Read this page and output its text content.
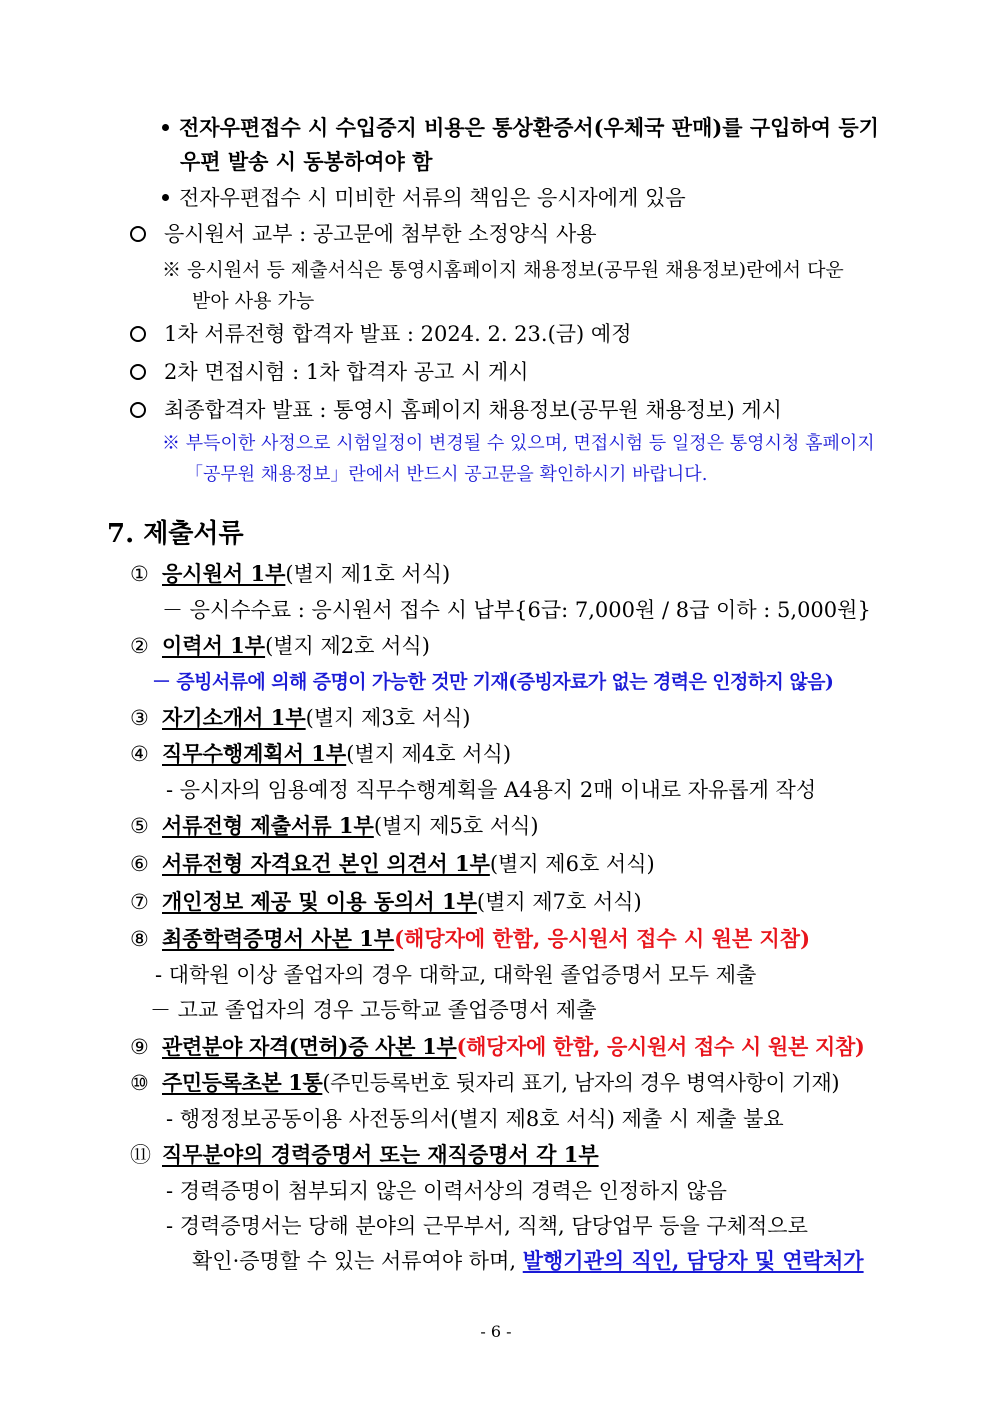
전자우편접수 시 수입증지 비용은 통상환증서(우체국 판매)를 구입하여 등기
우편 발송 시 동봉하여야 함
전자우편접수 시 미비한 서류의 책임은 응시자에게 있음
응시원서 교부 : 공고문에 첨부한 소정양식 사용
※ 응시원서 등 제출서식은 통영시홈페이지 채용정보(공무원 채용정보)란에서 다운
받아 사용 가능
1차 서류전형 합격자 발표 : 2024. 2. 23.(금) 예정
2차 면접시험 : 1차 합격자 공고 시 게시
최종합격자 발표 : 통영시 홈페이지 채용정보(공무원 채용정보) 게시
※ 부득이한 사정으로 시험일정이 변경될 수 있으며, 면접시험 등 일정은 통영시청 홈페이지
「공무원 채용정보」란에서 반드시 공고문을 확인하시기 바랍니다.
7. 제출서류
① 응시원서 1부(별지 제1호 서식)
－ 응시수수료 : 응시원서 접수 시 납부{6급: 7,000원 / 8급 이하 : 5,000원}
② 이력서 1부(별지 제2호 서식)
－ 증빙서류에 의해 증명이 가능한 것만 기재(증빙자료가 없는 경력은 인정하지 않음)
③ 자기소개서 1부(별지 제3호 서식)
④ 직무수행계획서 1부(별지 제4호 서식)
- 응시자의 임용예정 직무수행계획을 A4용지 2매 이내로 자유롭게 작성
⑤ 서류전형 제출서류 1부(별지 제5호 서식)
⑥ 서류전형 자격요건 본인 의견서 1부(별지 제6호 서식)
⑦ 개인정보 제공 및 이용 동의서 1부(별지 제7호 서식)
⑧ 최종학력증명서 사본 1부(해당자에 한함, 응시원서 접수 시 원본 지참)
- 대학원 이상 졸업자의 경우 대학교, 대학원 졸업증명서 모두 제출
－ 고교 졸업자의 경우 고등학교 졸업증명서 제출
⑨ 관련분야 자격(면허)증 사본 1부(해당자에 한함, 응시원서 접수 시 원본 지참)
⑩ 주민등록초본 1통(주민등록번호 뒷자리 표기, 남자의 경우 병역사항이 기재)
- 행정정보공동이용 사전동의서(별지 제8호 서식) 제출 시 제출 불요
⑪ 직무분야의 경력증명서 또는 재직증명서 각 1부
- 경력증명이 첨부되지 않은 이력서상의 경력은 인정하지 않음
- 경력증명서는 당해 분야의 근무부서, 직책, 담당업무 등을 구체적으로
확인·증명할 수 있는 서류여야 하며, 발행기관의 직인, 담당자 및 연락처가
- 6 -
